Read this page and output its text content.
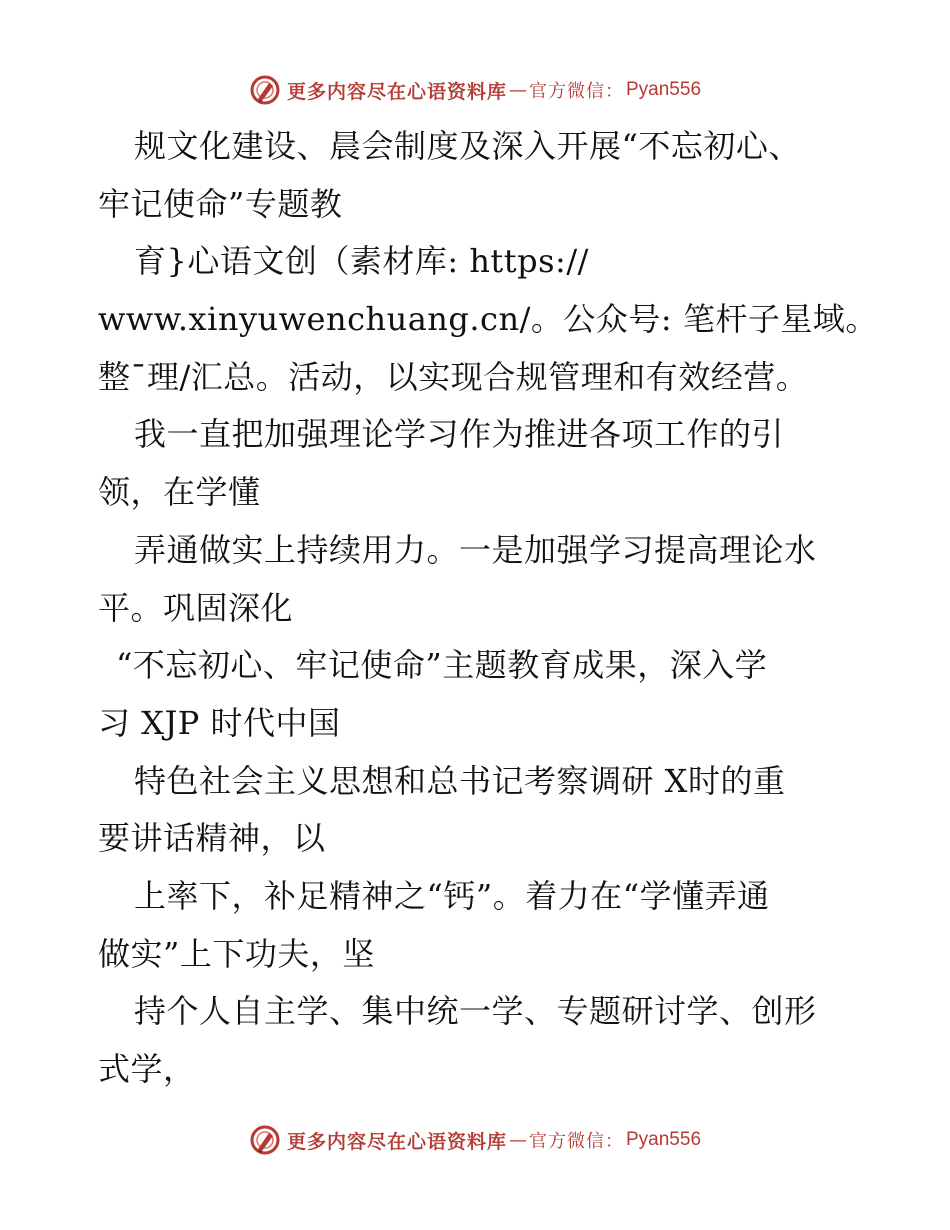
更多内容尽在心语资料库 — 官方微信： Pyan556
规文化建设、晨会制度及深入开展“不忘初心、
牢记使命”专题教
育}心语文创（素材库: https://
www.xinyuwenchuang.cn/。公众号: 笔杆子星域。
整¯理/汇总。活动，以实现合规管理和有效经营。
我一直把加强理论学习作为推进各项工作的引
领，在学懂
弄通做实上持续用力。一是加强学习提高理论水
平。巩固深化
“不忘初心、牢记使命”主题教育成果，深入学
习 XJP 时代中国
特色社会主义思想和总书记考察调研 X时的重
要讲话精神，以
上率下，补足精神之“钙”。着力在“学懂弄通
做实”上下功夫，坚
持个人自主学、集中统一学、专题研讨学、创形
式学，
更多内容尽在心语资料库 — 官方微信： Pyan556
